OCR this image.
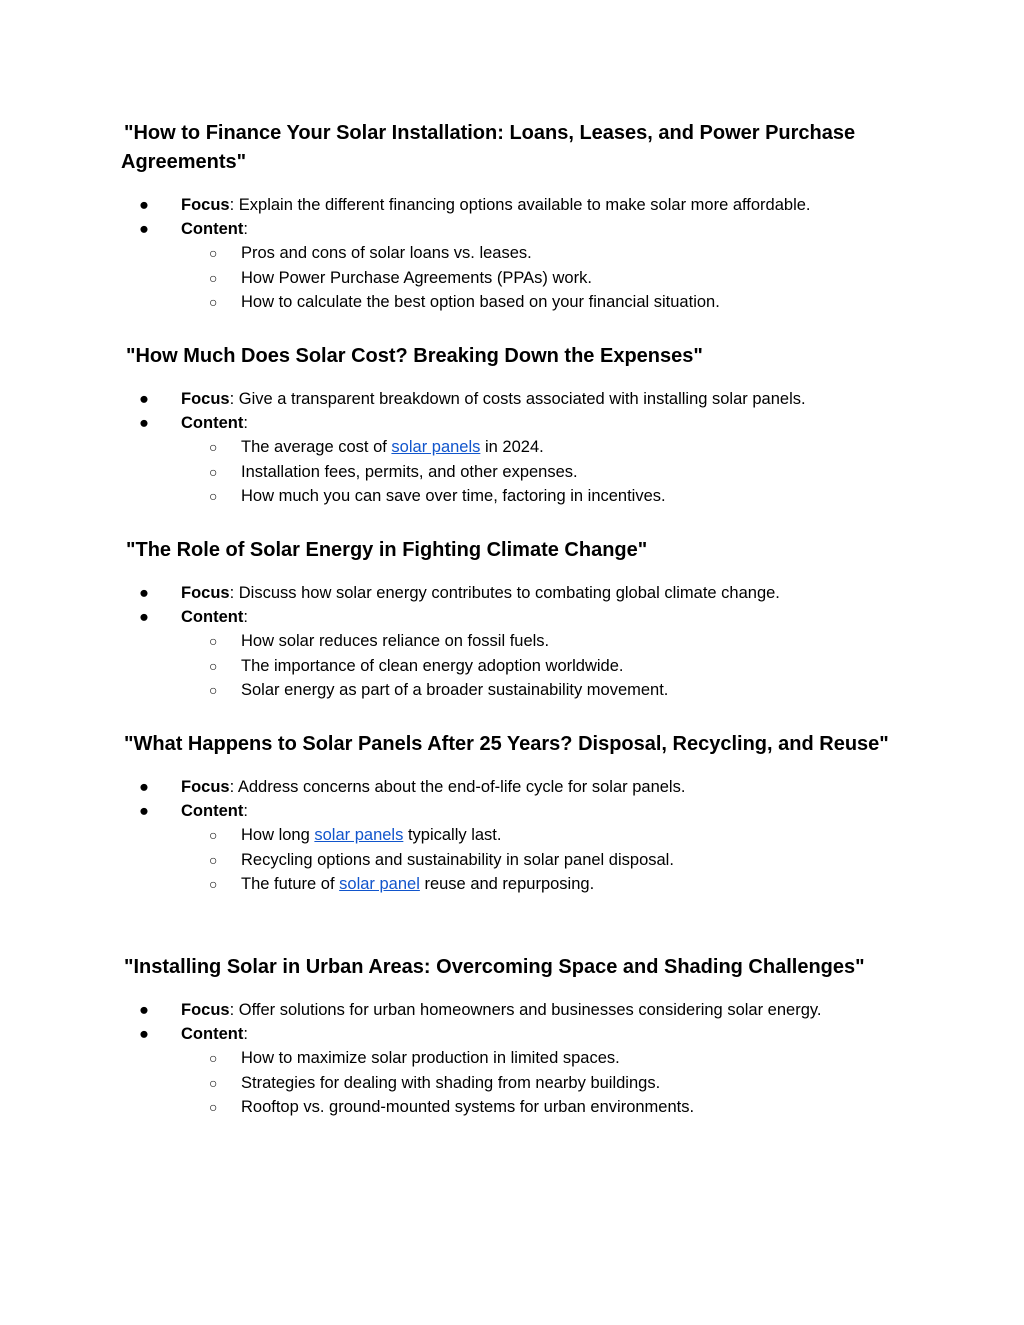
"How to Finance Your Solar Installation: Loans, Leases, and Power Purchase Agreements"
● Focus: Explain the different financing options available to make solar more affordable.
● Content:
○ Pros and cons of solar loans vs. leases.
○ How Power Purchase Agreements (PPAs) work.
○ How to calculate the best option based on your financial situation.
"How Much Does Solar Cost? Breaking Down the Expenses"
● Focus: Give a transparent breakdown of costs associated with installing solar panels.
● Content:
○ The average cost of solar panels in 2024.
○ Installation fees, permits, and other expenses.
○ How much you can save over time, factoring in incentives.
"The Role of Solar Energy in Fighting Climate Change"
● Focus: Discuss how solar energy contributes to combating global climate change.
● Content:
○ How solar reduces reliance on fossil fuels.
○ The importance of clean energy adoption worldwide.
○ Solar energy as part of a broader sustainability movement.
"What Happens to Solar Panels After 25 Years? Disposal, Recycling, and Reuse"
● Focus: Address concerns about the end-of-life cycle for solar panels.
● Content:
○ How long solar panels typically last.
○ Recycling options and sustainability in solar panel disposal.
○ The future of solar panel reuse and repurposing.
"Installing Solar in Urban Areas: Overcoming Space and Shading Challenges"
● Focus: Offer solutions for urban homeowners and businesses considering solar energy.
● Content:
○ How to maximize solar production in limited spaces.
○ Strategies for dealing with shading from nearby buildings.
○ Rooftop vs. ground-mounted systems for urban environments.
